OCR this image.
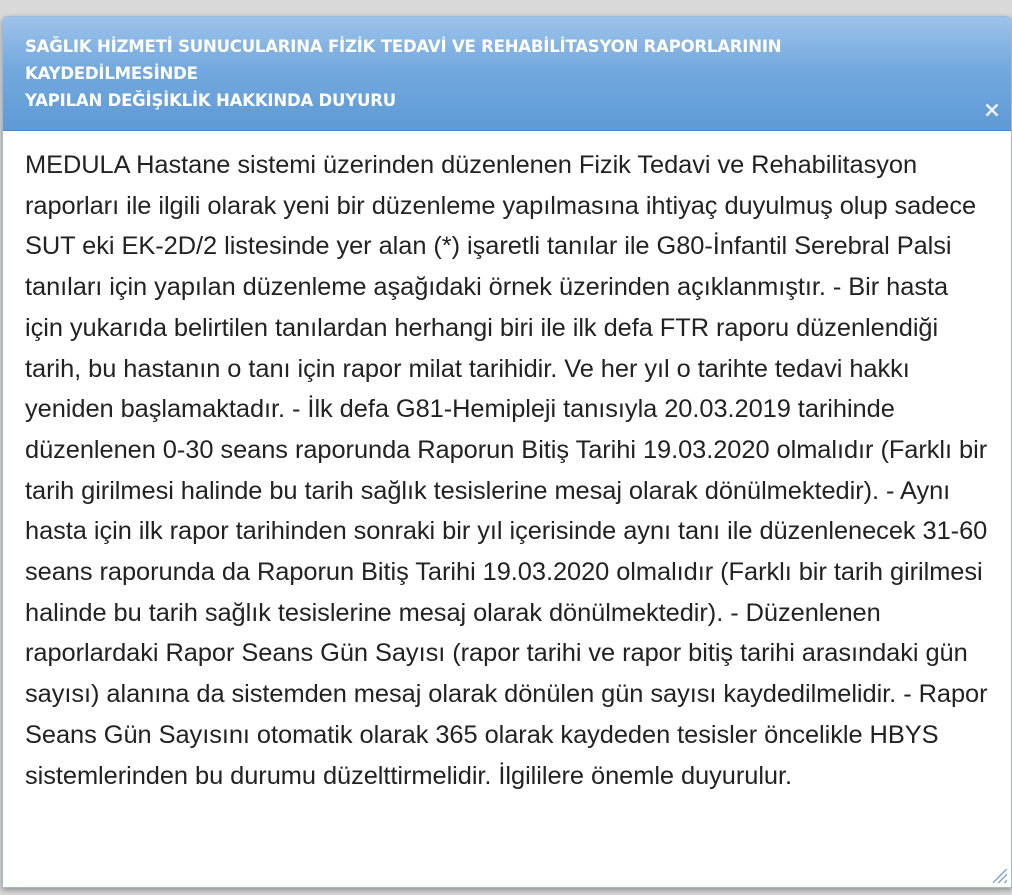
SAĞLIK HİZMETİ SUNUCULARINA FİZİK TEDAVİ VE REHABİLİTASYON RAPORLARININ KAYDEDİLMESİNDE
YAPILAN DEĞİŞİKLİK HAKKINDA DUYURU	×

MEDULA Hastane sistemi üzerinden düzenlenen Fizik Tedavi ve Rehabilitasyon raporları ile ilgili olarak yeni bir düzenleme yapılmasına ihtiyaç duyulmuş olup sadece SUT eki EK-2D/2 listesinde yer alan (*) işaretli tanılar ile G80-İnfantil Serebral Palsi tanıları için yapılan düzenleme aşağıdaki örnek üzerinden açıklanmıştır. - Bir hasta için yukarıda belirtilen tanılardan herhangi biri ile ilk defa FTR raporu düzenlendiği tarih, bu hastanın o tanı için rapor milat tarihidir. Ve her yıl o tarihte tedavi hakkı yeniden başlamaktadır. - İlk defa G81-Hemipleji tanısıyla 20.03.2019 tarihinde düzenlenen 0-30 seans raporunda Raporun Bitiş Tarihi 19.03.2020 olmalıdır (Farklı bir tarih girilmesi halinde bu tarih sağlık tesislerine mesaj olarak dönülmektedir). - Aynı hasta için ilk rapor tarihinden sonraki bir yıl içerisinde aynı tanı ile düzenlenecek 31-60 seans raporunda da Raporun Bitiş Tarihi 19.03.2020 olmalıdır (Farklı bir tarih girilmesi halinde bu tarih sağlık tesislerine mesaj olarak dönülmektedir). - Düzenlenen raporlardaki Rapor Seans Gün Sayısı (rapor tarihi ve rapor bitiş tarihi arasındaki gün sayısı) alanına da sistemden mesaj olarak dönülen gün sayısı kaydedilmelidir. - Rapor Seans Gün Sayısını otomatik olarak 365 olarak kaydeden tesisler öncelikle HBYS sistemlerinden bu durumu düzelttirmelidir. İlgililere önemle duyurulur.
